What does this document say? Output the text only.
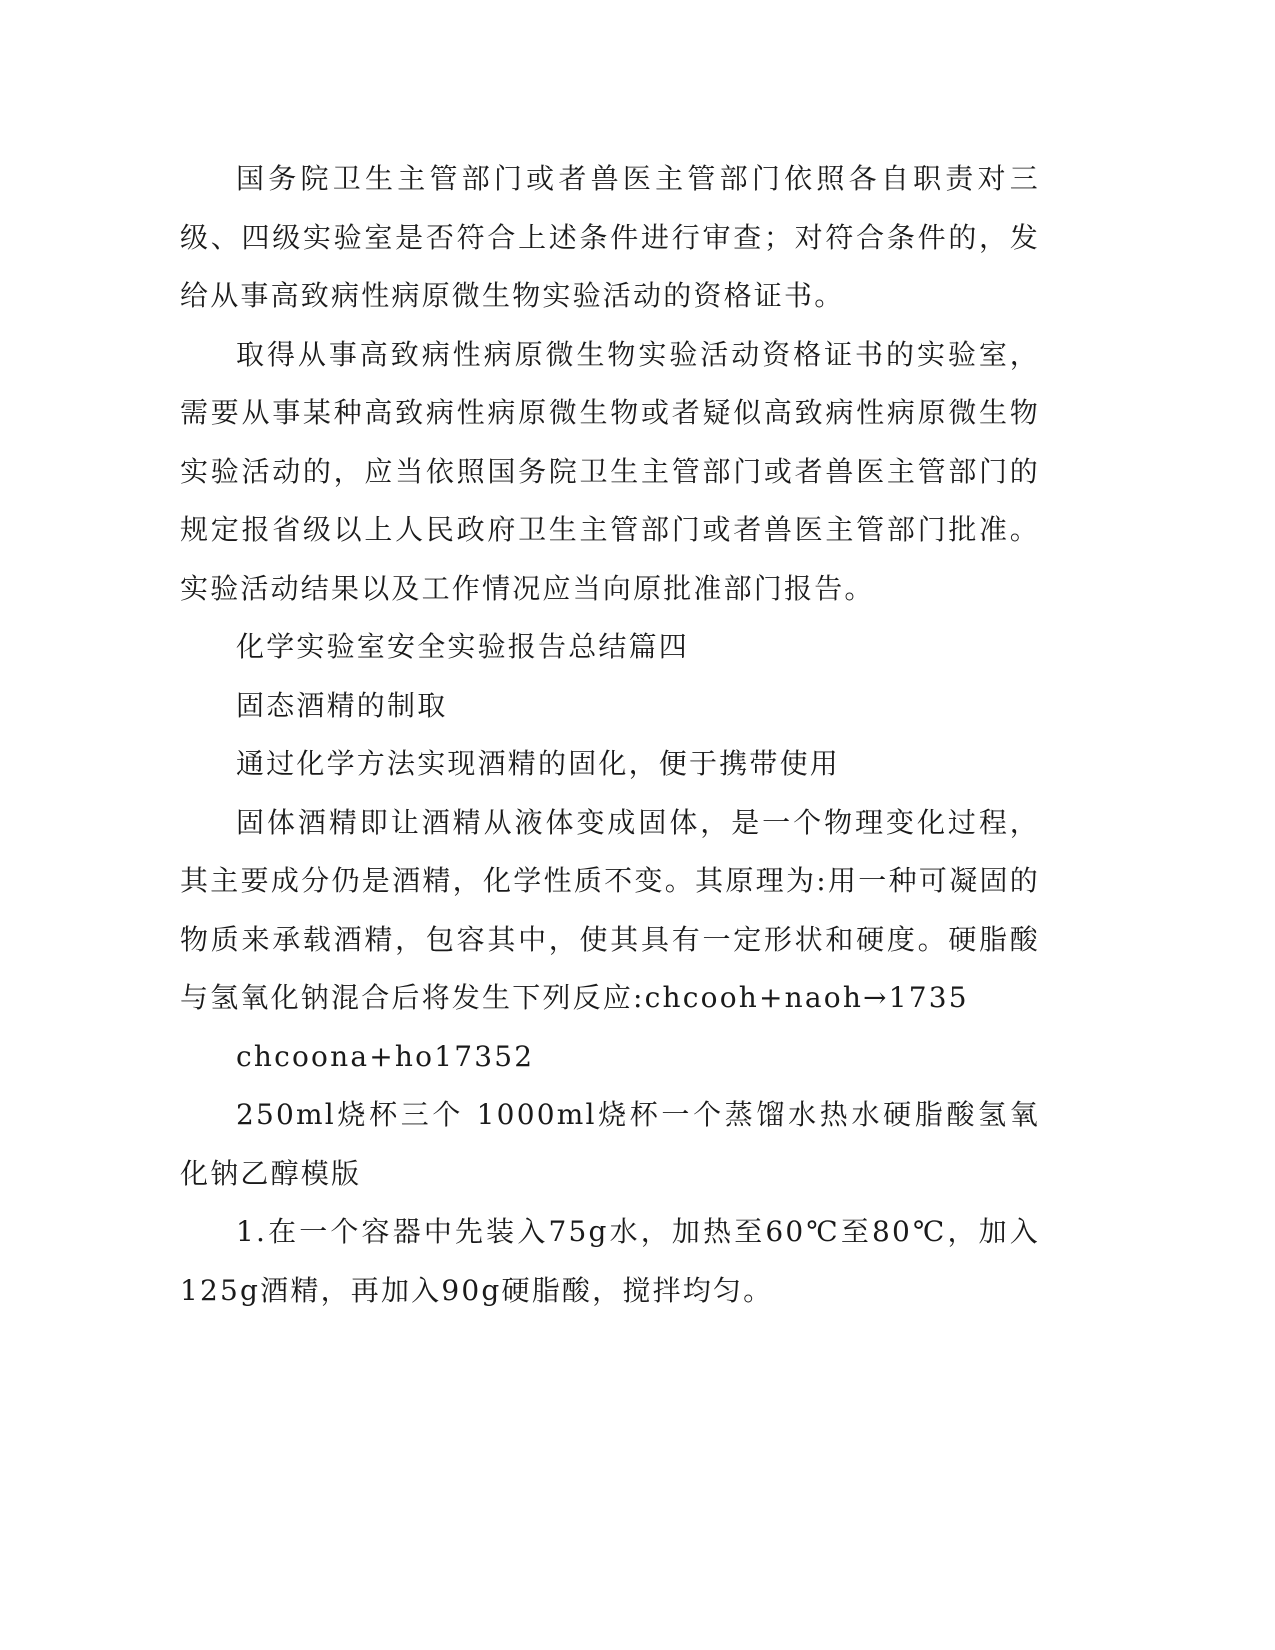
国务院卫生主管部门或者兽医主管部门依照各自职责对三级、四级实验室是否符合上述条件进行审查；对符合条件的，发给从事高致病性病原微生物实验活动的资格证书。

取得从事高致病性病原微生物实验活动资格证书的实验室，需要从事某种高致病性病原微生物或者疑似高致病性病原微生物实验活动的，应当依照国务院卫生主管部门或者兽医主管部门的规定报省级以上人民政府卫生主管部门或者兽医主管部门批准。实验活动结果以及工作情况应当向原批准部门报告。

化学实验室安全实验报告总结篇四

固态酒精的制取

通过化学方法实现酒精的固化，便于携带使用

固体酒精即让酒精从液体变成固体，是一个物理变化过程，其主要成分仍是酒精，化学性质不变。其原理为:用一种可凝固的物质来承载酒精，包容其中，使其具有一定形状和硬度。硬脂酸与氢氧化钠混合后将发生下列反应:chcooh+naoh→1735

chcoona+ho17352

250ml烧杯三个 1000ml烧杯一个蒸馏水热水硬脂酸氢氧化钠乙醇模版

1.在一个容器中先装入75g水，加热至60℃至80℃，加入125g酒精，再加入90g硬脂酸，搅拌均匀。
